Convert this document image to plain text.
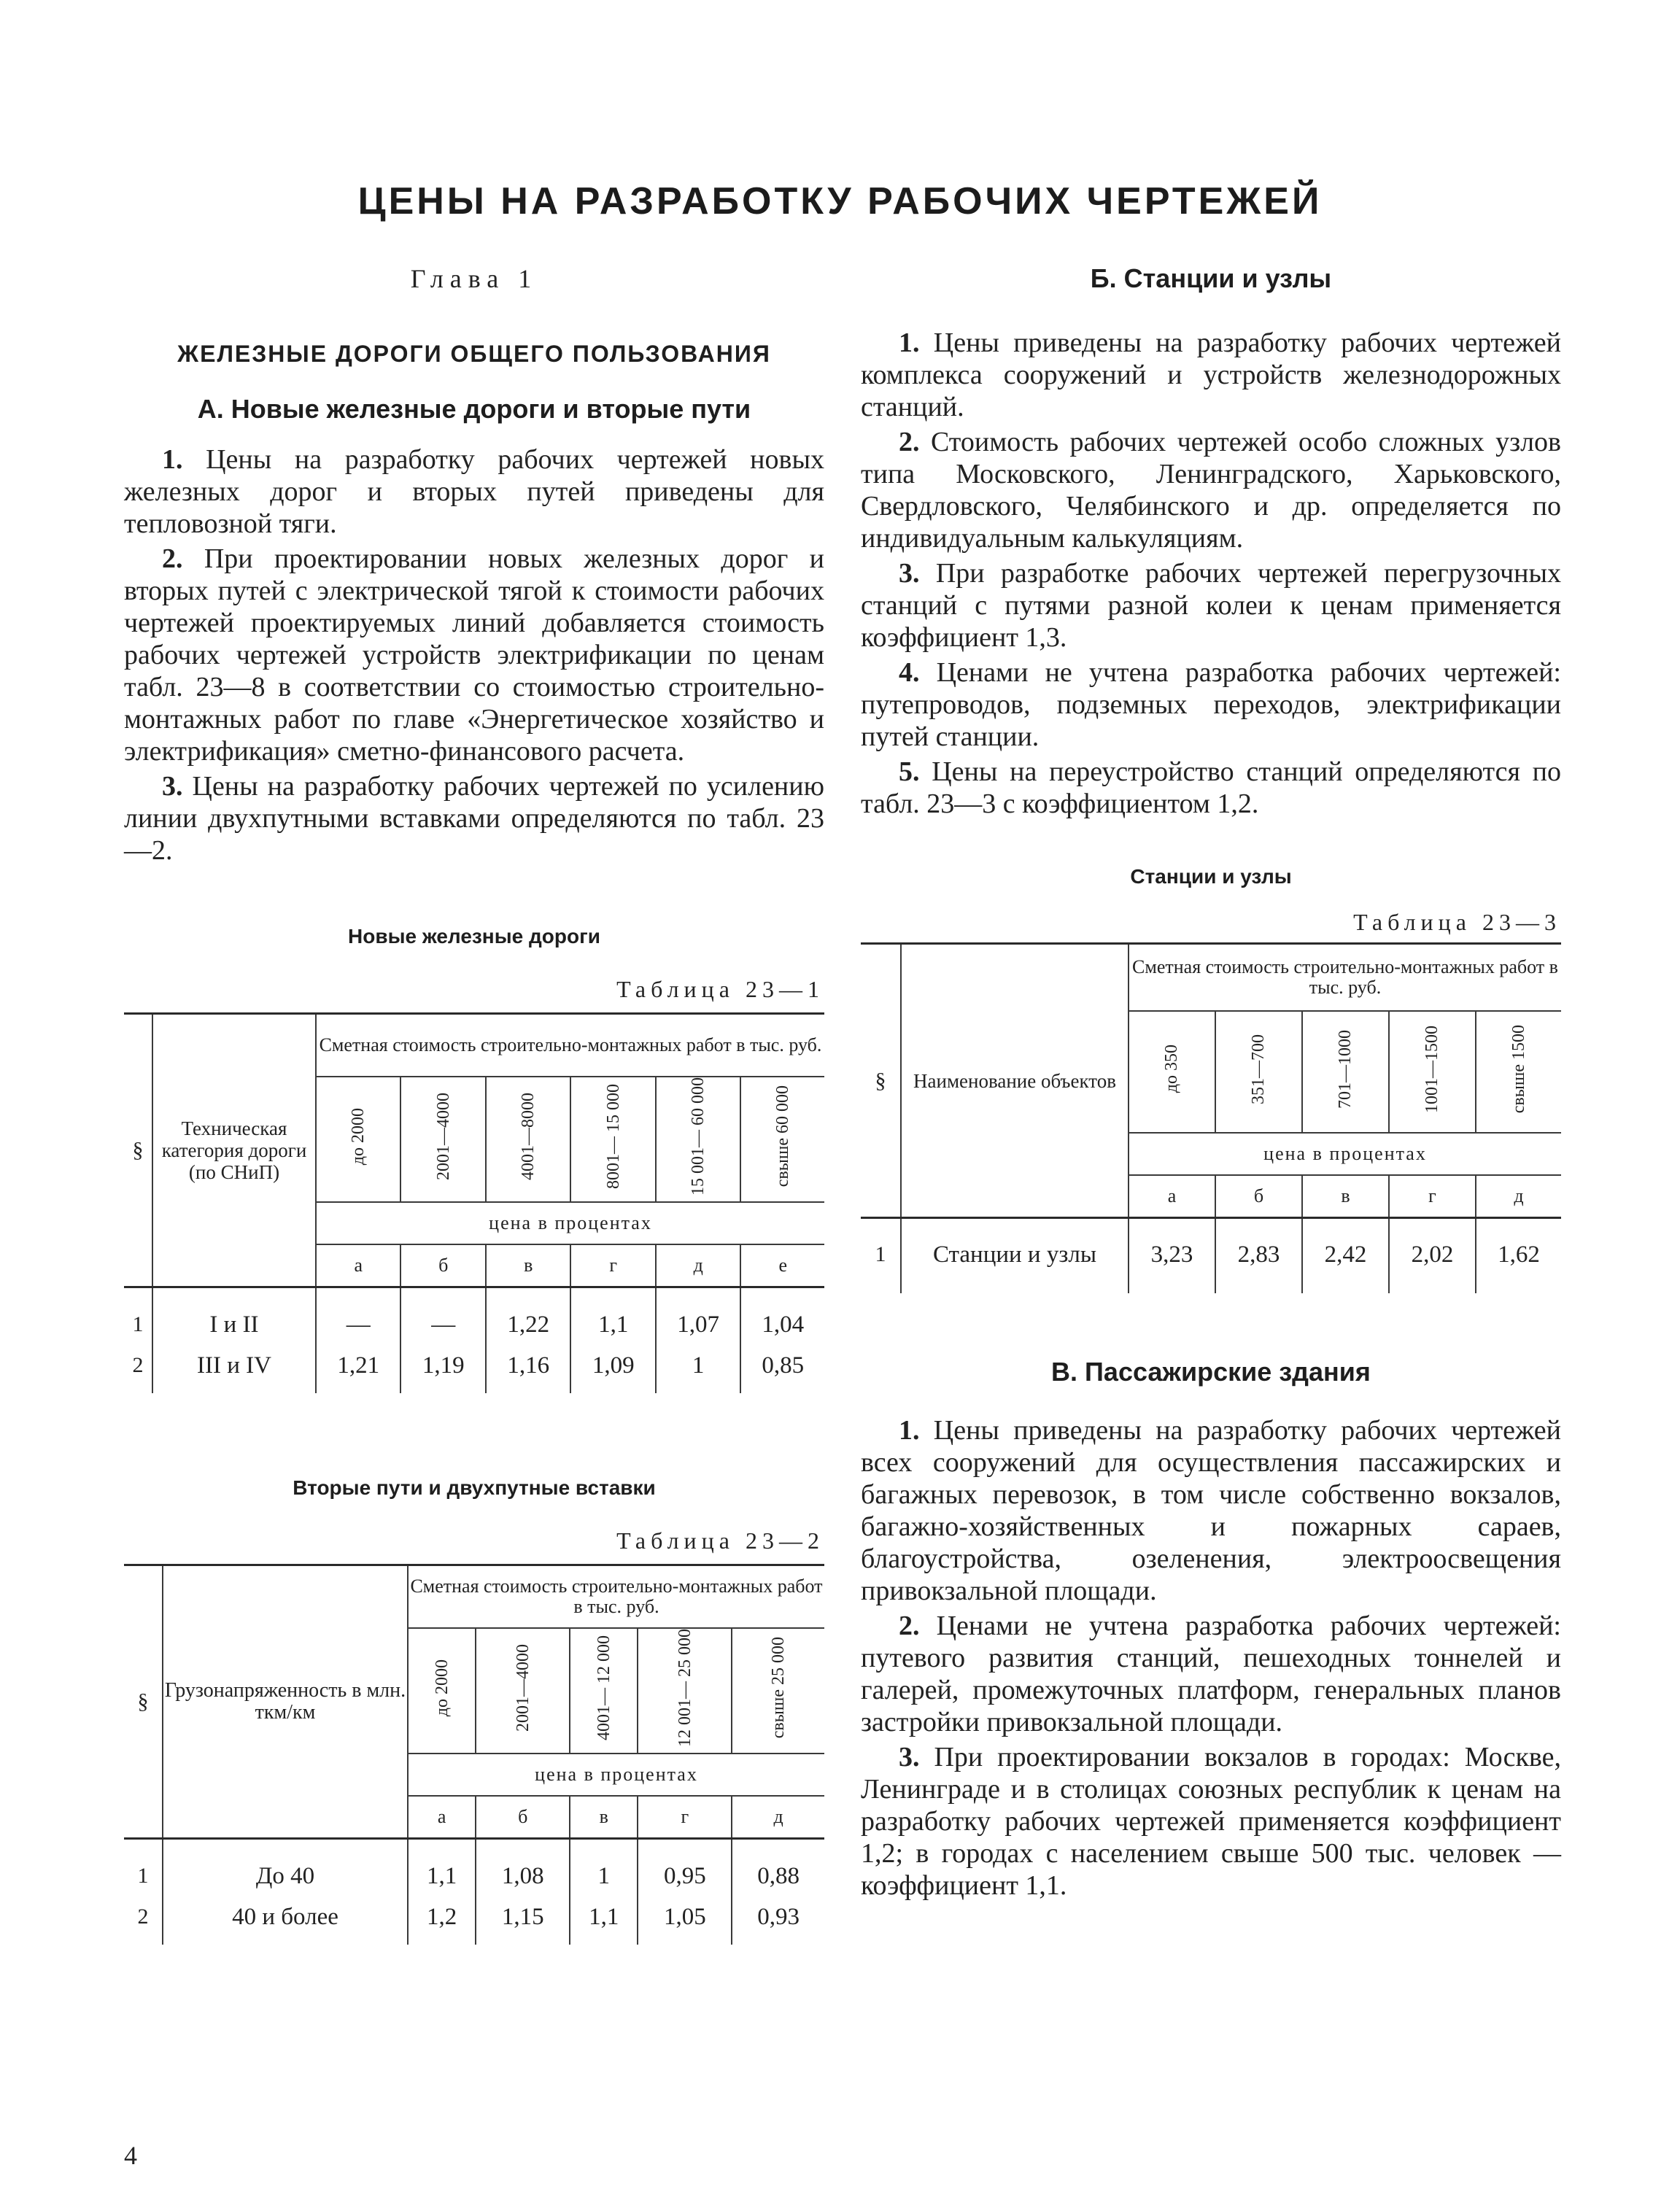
ЦЕНЫ НА РАЗРАБОТКУ РАБОЧИХ ЧЕРТЕЖЕЙ
Глава 1
ЖЕЛЕЗНЫЕ ДОРОГИ ОБЩЕГО ПОЛЬЗОВАНИЯ
А. Новые железные дороги и вторые пути

1. Цены на разработку рабочих чертежей новых железных дорог и вторых путей приведены для тепловозной тяги.

2. При проектировании новых железных дорог и вторых путей с электрической тягой к стоимости рабочих чертежей проектируемых линий добавляется стоимость рабочих чертежей устройств электрификации по ценам табл. 23—8 в соответствии со стоимостью строительно-монтажных работ по главе «Энергетическое хозяйство и электрификация» сметно-финансового расчета.

3. Цены на разработку рабочих чертежей по усилению линии двухпутными вставками определяются по табл. 23—2.

Новые железные дороги
Таблица 23—1
§	Техническая категория дороги (по СНиП)	Сметная стоимость строительно-монтажных работ в тыс. руб.					
		до 2000	2001—4000	4001—8000	8001— 15 000	15 001— 60 000	свыше 60 000
		цена в процентах					
		а	б	в	г	д	е
1	I и II	—	—	1,22	1,1	1,07	1,04
2	III и IV	1,21	1,19	1,16	1,09	1	0,85
Вторые пути и двухпутные вставки
Таблица 23—2
§	Грузонапряженность в млн. ткм/км	Сметная стоимость строительно-монтажных работ в тыс. руб.				
		до 2000	2001—4000	4001— 12 000	12 001— 25 000	свыше 25 000
		цена в процентах				
		а	б	в	г	д
1	До 40	1,1	1,08	1	0,95	0,88
2	40 и более	1,2	1,15	1,1	1,05	0,93
Б. Станции и узлы

1. Цены приведены на разработку рабочих чертежей комплекса сооружений и устройств железнодорожных станций.

2. Стоимость рабочих чертежей особо сложных узлов типа Московского, Ленинградского, Харьковского, Свердловского, Челябинского и др. определяется по индивидуальным калькуляциям.

3. При разработке рабочих чертежей перегрузочных станций с путями разной колеи к ценам применяется коэффициент 1,3.

4. Ценами не учтена разработка рабочих чертежей: путепроводов, подземных переходов, электрификации путей станции.

5. Цены на переустройство станций определяются по табл. 23—3 с коэффициентом 1,2.

Станции и узлы
Таблица 23—3
§	Наименование объектов	Сметная стоимость строительно-монтажных работ в тыс. руб.				
		до 350	351—700	701—1000	1001—1500	свыше 1500
		цена в процентах				
		а	б	в	г	д
1	Станции и узлы	3,23	2,83	2,42	2,02	1,62
В. Пассажирские здания

1. Цены приведены на разработку рабочих чертежей всех сооружений для осуществления пассажирских и багажных перевозок, в том числе собственно вокзалов, багажно-хозяйственных и пожарных сараев, благоустройства, озеленения, электроосвещения привокзальной площади.

2. Ценами не учтена разработка рабочих чертежей: путевого развития станций, пешеходных тоннелей и галерей, промежуточных платформ, генеральных планов застройки привокзальной площади.

3. При проектировании вокзалов в городах: Москве, Ленинграде и в столицах союзных республик к ценам на разработку рабочих чертежей применяется коэффициент 1,2; в городах с населением свыше 500 тыс. человек — коэффициент 1,1.

4
